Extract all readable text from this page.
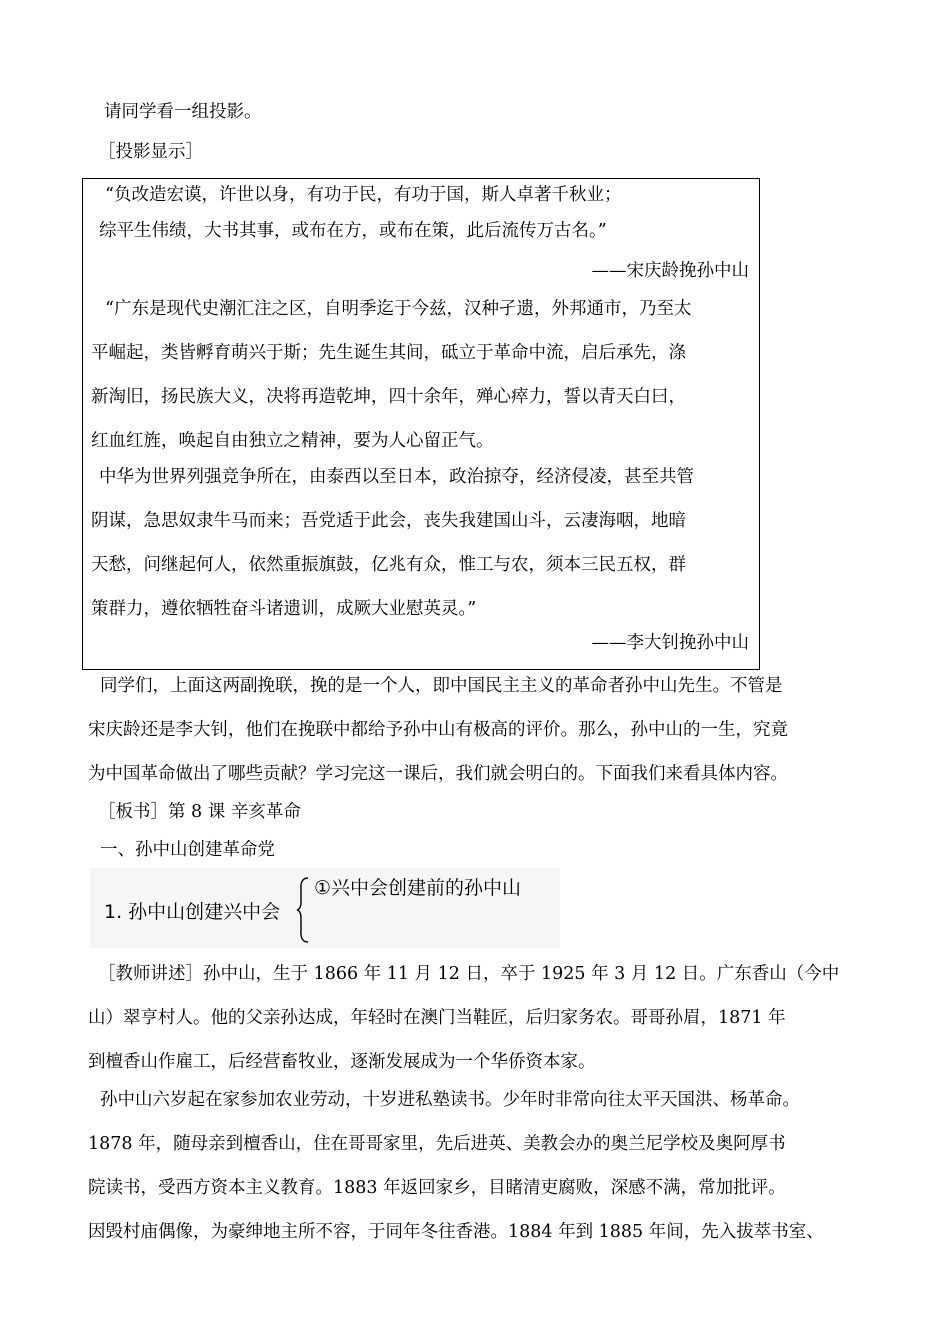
请同学看一组投影。
［投影显示］
“负改造宏谟，许世以身，有功于民，有功于国，斯人卓著千秋业；
综平生伟绩，大书其事，或布在方，或布在策，此后流传万古名。”
——宋庆龄挽孙中山
“广东是现代史潮汇注之区，自明季迄于今兹，汉种孑遗，外邦通市，乃至太
平崛起，类皆孵育萌兴于斯；先生诞生其间，砥立于革命中流，启后承先，涤
新淘旧，扬民族大义，决将再造乾坤，四十余年，殚心瘁力，誓以青天白曰，
红血红旌，唤起自由独立之精神，要为人心留正气。
中华为世界列强竞争所在，由泰西以至日本，政治掠夺，经济侵凌，甚至共管
阴谋，急思奴隶牛马而来；吾党适于此会，丧失我建国山斗，云凄海咽，地暗
天愁，问继起何人，依然重振旗鼓，亿兆有众，惟工与农，须本三民五权，群
策群力，遵依牺牲奋斗诸遗训，成厥大业慰英灵。”
——李大钊挽孙中山
同学们，上面这两副挽联，挽的是一个人，即中国民主主义的革命者孙中山先生。不管是
宋庆龄还是李大钊，他们在挽联中都给予孙中山有极高的评价。那么，孙中山的一生，究竟
为中国革命做出了哪些贡献？学习完这一课后，我们就会明白的。下面我们来看具体内容。
［板书］第 8 课 辛亥革命
一、孙中山创建革命党
1. 孙中山创建兴中会
①兴中会创建前的孙中山
［教师讲述］孙中山，生于 1866 年 11 月 12 日，卒于 1925 年 3 月 12 日。广东香山（今中
山）翠亨村人。他的父亲孙达成，年轻时在澳门当鞋匠，后归家务农。哥哥孙眉，1871 年
到檀香山作雇工，后经营畜牧业，逐渐发展成为一个华侨资本家。
孙中山六岁起在家参加农业劳动，十岁进私塾读书。少年时非常向往太平天国洪、杨革命。
1878 年，随母亲到檀香山，住在哥哥家里，先后进英、美教会办的奥兰尼学校及奥阿厚书
院读书，受西方资本主义教育。1883 年返回家乡，目睹清吏腐败，深感不满，常加批评。
因毁村庙偶像，为豪绅地主所不容，于同年冬往香港。1884 年到 1885 年间，先入拔萃书室、
